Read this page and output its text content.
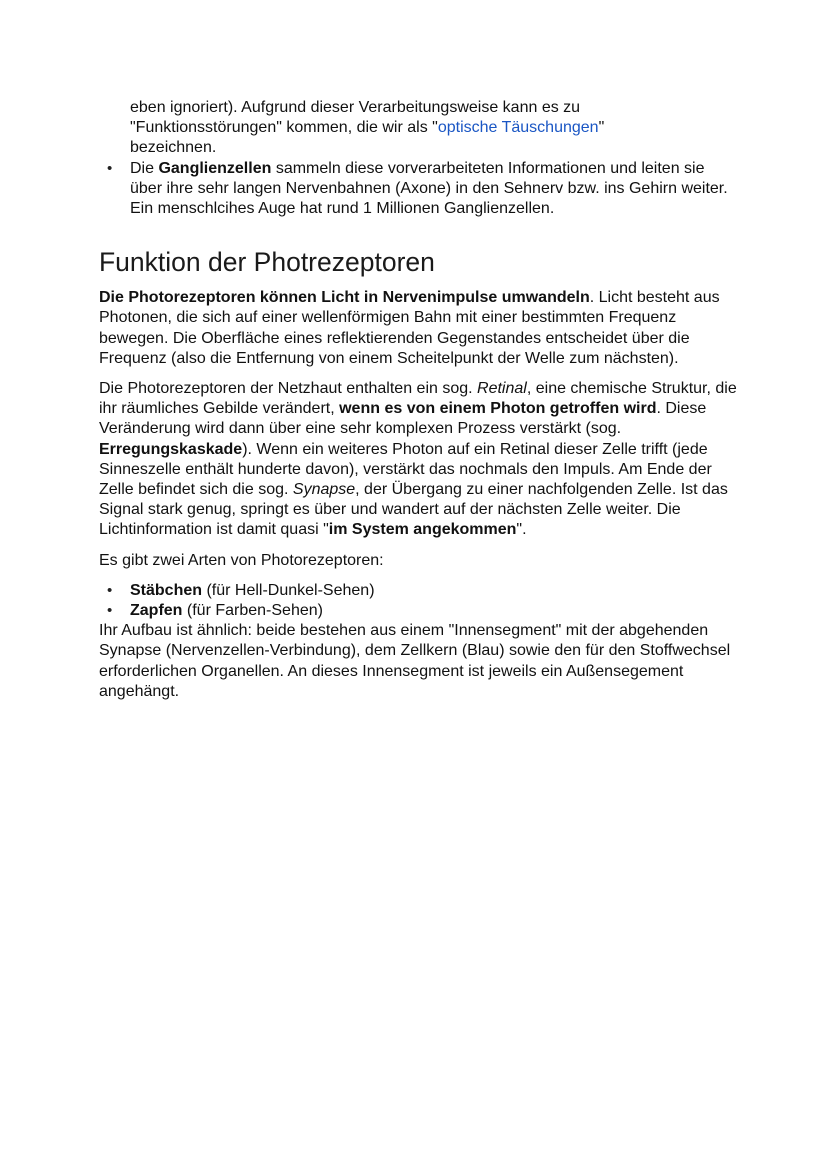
eben ignoriert). Aufgrund dieser Verarbeitungsweise kann es zu
"Funktionsstörungen" kommen, die wir als "optische Täuschungen"
bezeichnen.

• Die Ganglienzellen sammeln diese vorverarbeiteten Informationen und leiten sie über ihre sehr langen Nervenbahnen (Axone) in den Sehnerv bzw. ins Gehirn weiter. Ein menschlcihes Auge hat rund 1 Millionen Ganglienzellen.
Funktion der Photrezeptoren

Die Photorezeptoren können Licht in Nervenimpulse umwandeln. Licht besteht aus Photonen, die sich auf einer wellenförmigen Bahn mit einer bestimmten Frequenz bewegen. Die Oberfläche eines reflektierenden Gegenstandes entscheidet über die Frequenz (also die Entfernung von einem Scheitelpunkt der Welle zum nächsten).

Die Photorezeptoren der Netzhaut enthalten ein sog. Retinal, eine chemische Struktur, die ihr räumliches Gebilde verändert, wenn es von einem Photon getroffen wird. Diese Veränderung wird dann über eine sehr komplexen Prozess verstärkt (sog. Erregungskaskade). Wenn ein weiteres Photon auf ein Retinal dieser Zelle trifft (jede Sinneszelle enthält hunderte davon), verstärkt das nochmals den Impuls. Am Ende der Zelle befindet sich die sog. Synapse, der Übergang zu einer nachfolgenden Zelle. Ist das Signal stark genug, springt es über und wandert auf der nächsten Zelle weiter. Die Lichtinformation ist damit quasi "im System angekommen".

Es gibt zwei Arten von Photorezeptoren:

• Stäbchen (für Hell-Dunkel-Sehen)
• Zapfen (für Farben-Sehen)

Ihr Aufbau ist ähnlich: beide bestehen aus einem "Innensegment" mit der abgehenden Synapse (Nervenzellen-Verbindung), dem Zellkern (Blau) sowie den für den Stoffwechsel erforderlichen Organellen. An dieses Innensegment ist jeweils ein Außensegement angehängt.
